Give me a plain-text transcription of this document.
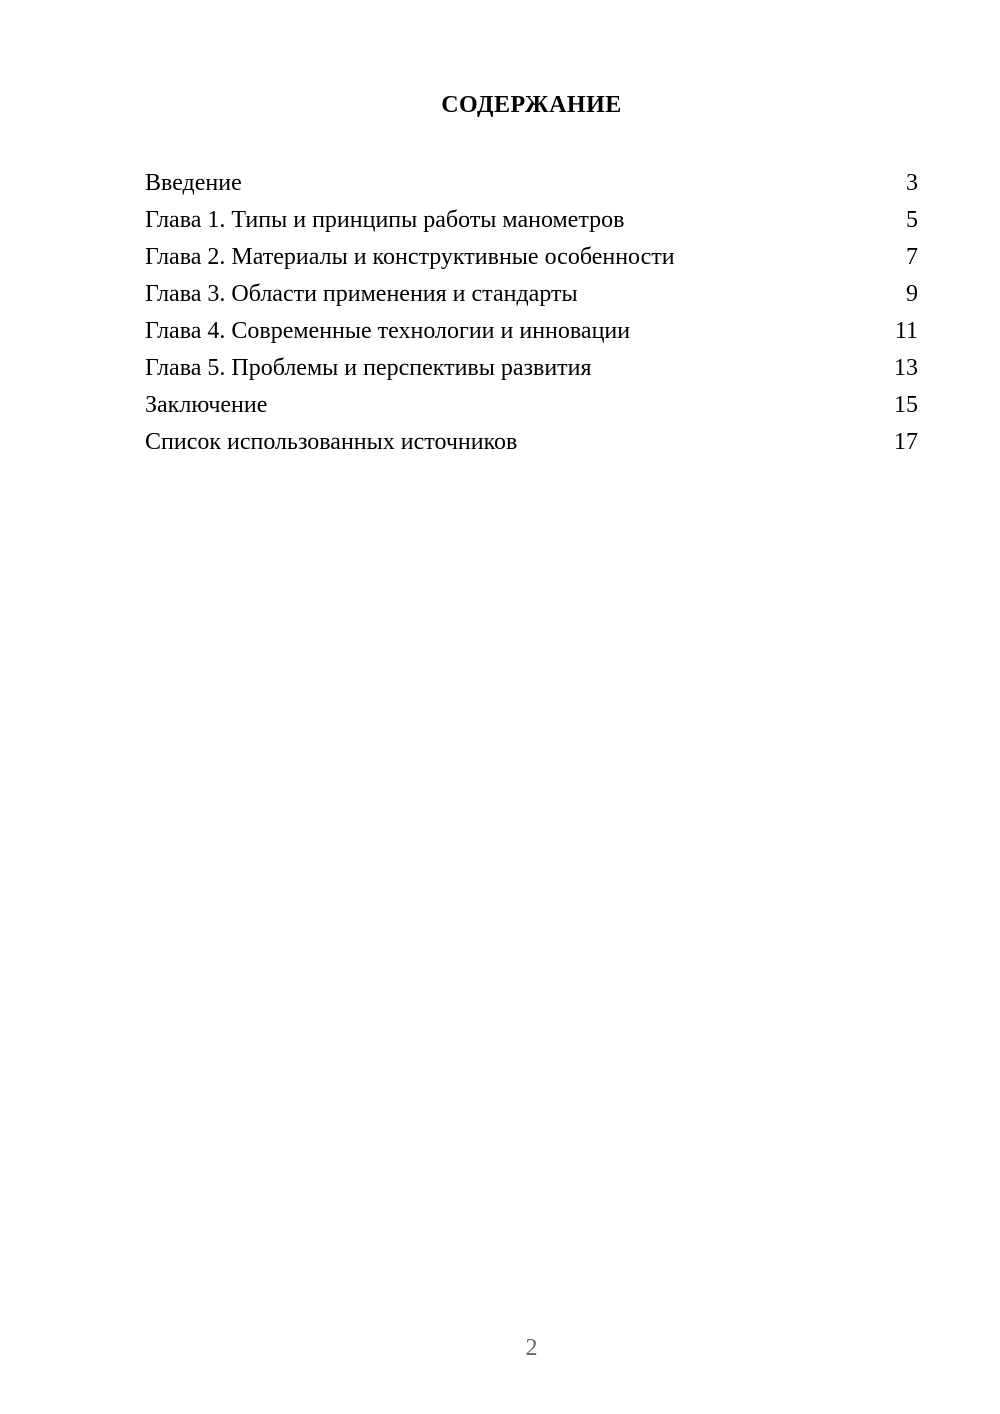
СОДЕРЖАНИЕ
Введение	3
Глава 1. Типы и принципы работы манометров	5
Глава 2. Материалы и конструктивные особенности	7
Глава 3. Области применения и стандарты	9
Глава 4. Современные технологии и инновации	11
Глава 5. Проблемы и перспективы развития	13
Заключение	15
Список использованных источников	17
2
